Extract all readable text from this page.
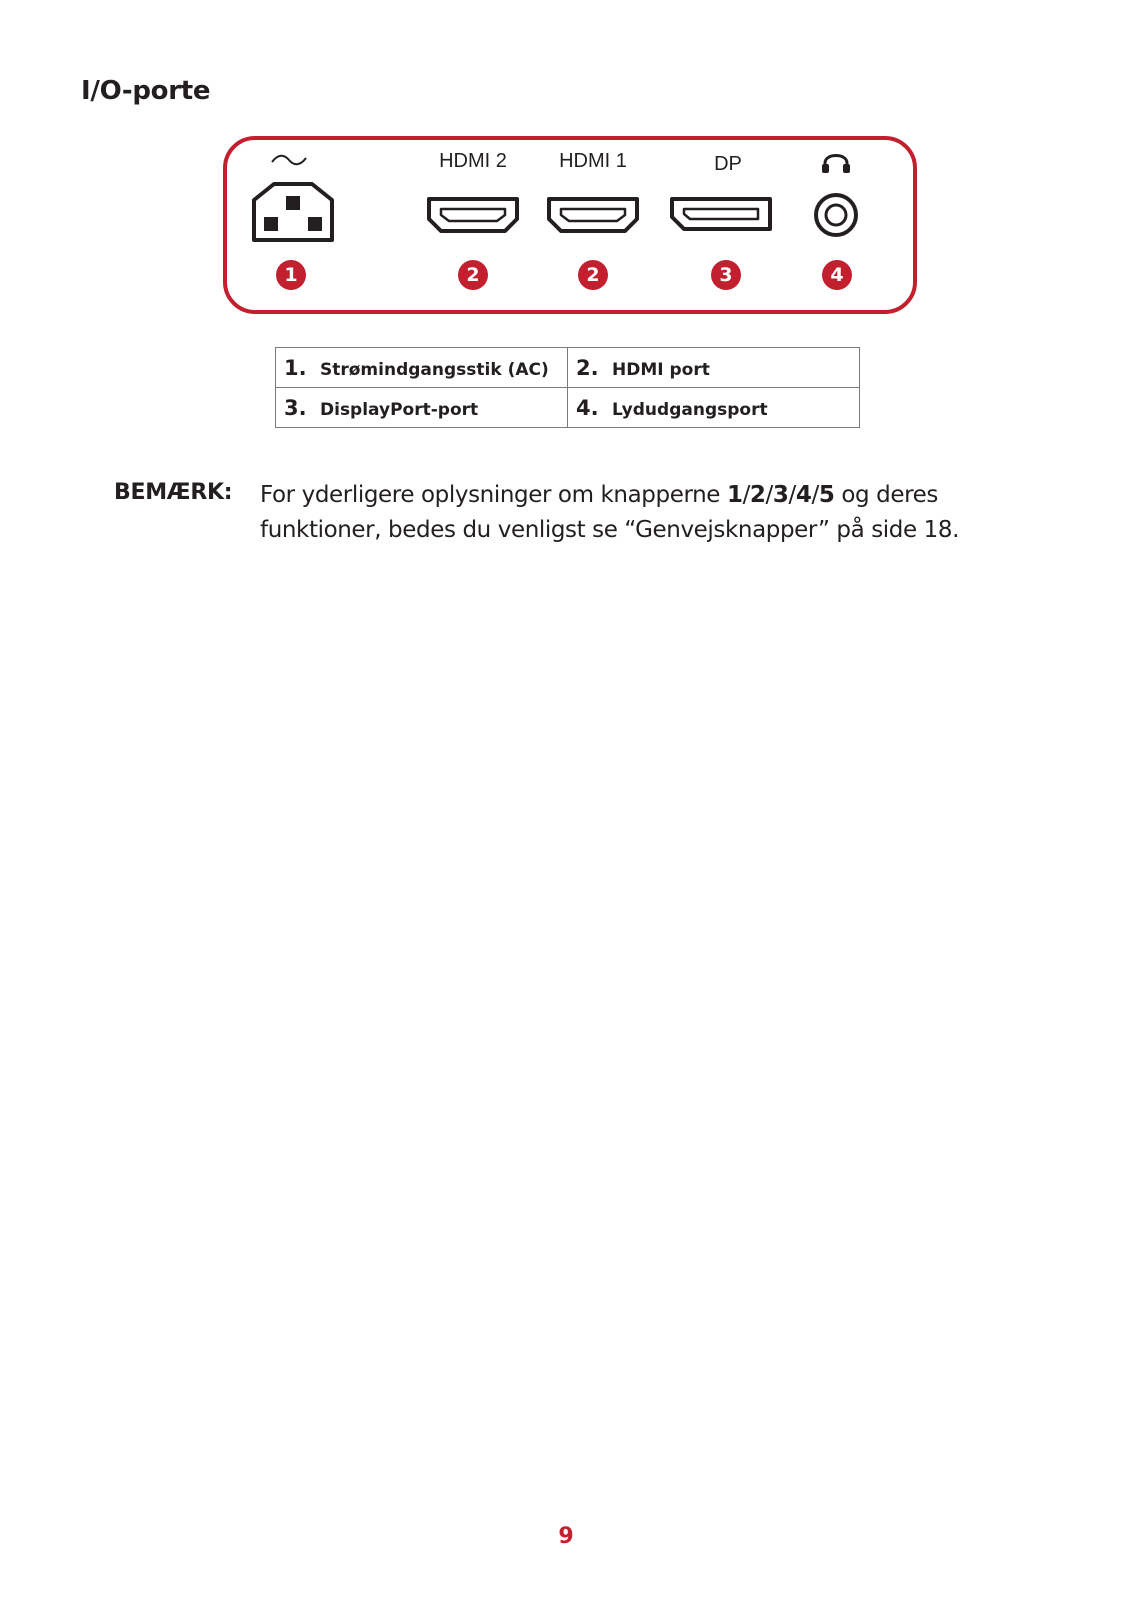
I/O-porte
1
HDMI 2
2
HDMI 1
2
DP
3	4
1. Strømindgangsstik (AC)	2. HDMI port
3. DisplayPort-port	4. Lydudgangsport
BEMÆRK: For yderligere oplysninger om knapperne 1/2/3/4/5 og deres funktioner, bedes du venligst se “Genvejsknapper” på side 18.
9
